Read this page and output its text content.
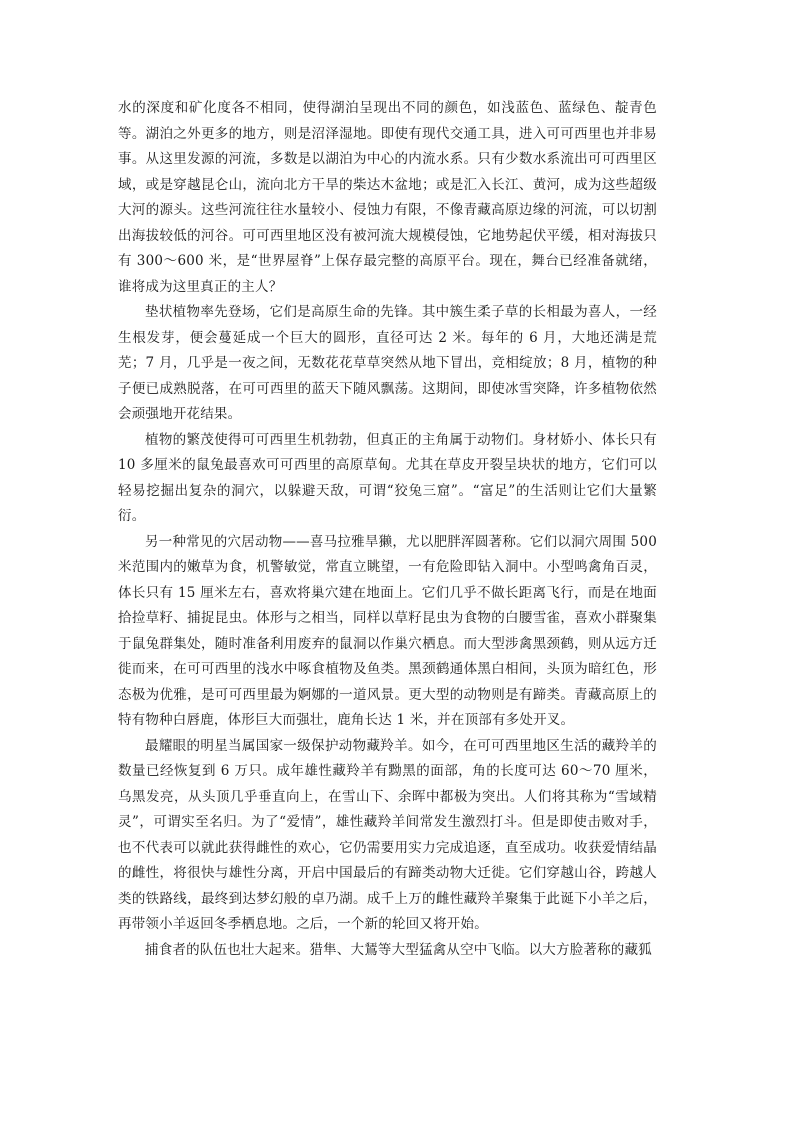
水的深度和矿化度各不相同，使得湖泊呈现出不同的颜色，如浅蓝色、蓝绿色、靛青色等。湖泊之外更多的地方，则是沼泽湿地。即使有现代交通工具，进入可可西里也并非易事。从这里发源的河流，多数是以湖泊为中心的内流水系。只有少数水系流出可可西里区域，或是穿越昆仑山，流向北方干旱的柴达木盆地；或是汇入长江、黄河，成为这些超级大河的源头。这些河流往往水量较小、侵蚀力有限，不像青藏高原边缘的河流，可以切割出海拔较低的河谷。可可西里地区没有被河流大规模侵蚀，它地势起伏平缓，相对海拔只有 300～600 米，是“世界屋脊”上保存最完整的高原平台。现在，舞台已经准备就绪，谁将成为这里真正的主人？

垫状植物率先登场，它们是高原生命的先锋。其中簇生柔子草的长相最为喜人，一经生根发芽，便会蔓延成一个巨大的圆形，直径可达 2 米。每年的 6 月，大地还满是荒芜；7 月，几乎是一夜之间，无数花花草草突然从地下冒出，竞相绽放；8 月，植物的种子便已成熟脱落，在可可西里的蓝天下随风飘荡。这期间，即使冰雪突降，许多植物依然会顽强地开花结果。

植物的繁茂使得可可西里生机勃勃，但真正的主角属于动物们。身材娇小、体长只有 10 多厘米的鼠兔最喜欢可可西里的高原草甸。尤其在草皮开裂呈块状的地方，它们可以轻易挖掘出复杂的洞穴，以躲避天敌，可谓“狡兔三窟”。“富足”的生活则让它们大量繁衍。

另一种常见的穴居动物——喜马拉雅旱獭，尤以肥胖浑圆著称。它们以洞穴周围 500 米范围内的嫩草为食，机警敏觉，常直立眺望，一有危险即钻入洞中。小型鸣禽角百灵，体长只有 15 厘米左右，喜欢将巢穴建在地面上。它们几乎不做长距离飞行，而是在地面拾捡草籽、捕捉昆虫。体形与之相当，同样以草籽昆虫为食物的白腰雪雀，喜欢小群聚集于鼠兔群集处，随时准备利用废弃的鼠洞以作巢穴栖息。而大型涉禽黑颈鹤，则从远方迁徙而来，在可可西里的浅水中啄食植物及鱼类。黑颈鹤通体黑白相间，头顶为暗红色，形态极为优雅，是可可西里最为婀娜的一道风景。更大型的动物则是有蹄类。青藏高原上的特有物种白唇鹿，体形巨大而强壮，鹿角长达 1 米，并在顶部有多处开叉。

最耀眼的明星当属国家一级保护动物藏羚羊。如今，在可可西里地区生活的藏羚羊的数量已经恢复到 6 万只。成年雄性藏羚羊有黝黑的面部，角的长度可达 60～70 厘米，乌黑发亮，从头顶几乎垂直向上，在雪山下、余晖中都极为突出。人们将其称为“雪域精灵”，可谓实至名归。为了“爱情”，雄性藏羚羊间常发生激烈打斗。但是即使击败对手，也不代表可以就此获得雌性的欢心，它仍需要用实力完成追逐，直至成功。收获爱情结晶的雌性，将很快与雄性分离，开启中国最后的有蹄类动物大迁徙。它们穿越山谷，跨越人类的铁路线，最终到达梦幻般的卓乃湖。成千上万的雌性藏羚羊聚集于此诞下小羊之后，再带领小羊返回冬季栖息地。之后，一个新的轮回又将开始。

捕食者的队伍也壮大起来。猎隼、大鵟等大型猛禽从空中飞临。以大方脸著称的藏狐
